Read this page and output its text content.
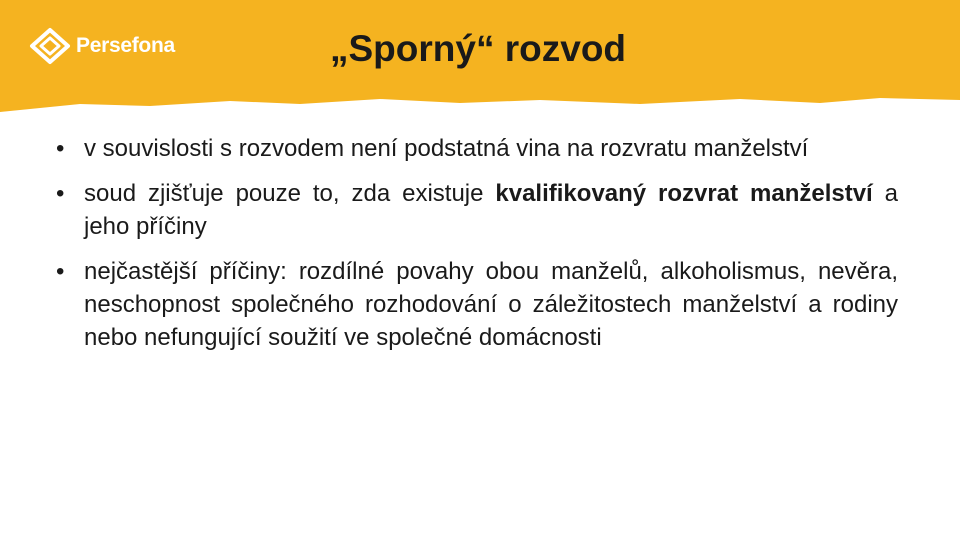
Persefona	„Sporný“ rozvod
• v souvislosti s rozvodem není podstatná vina na rozvratu manželství
• soud zjišťuje pouze to, zda existuje kvalifikovaný rozvrat manželství a jeho příčiny
• nejčastější příčiny: rozdílné povahy obou manželů, alkoholismus, nevěra, neschopnost společného rozhodování o záležitostech manželství a rodiny nebo nefungující soužití ve společné domácnosti
